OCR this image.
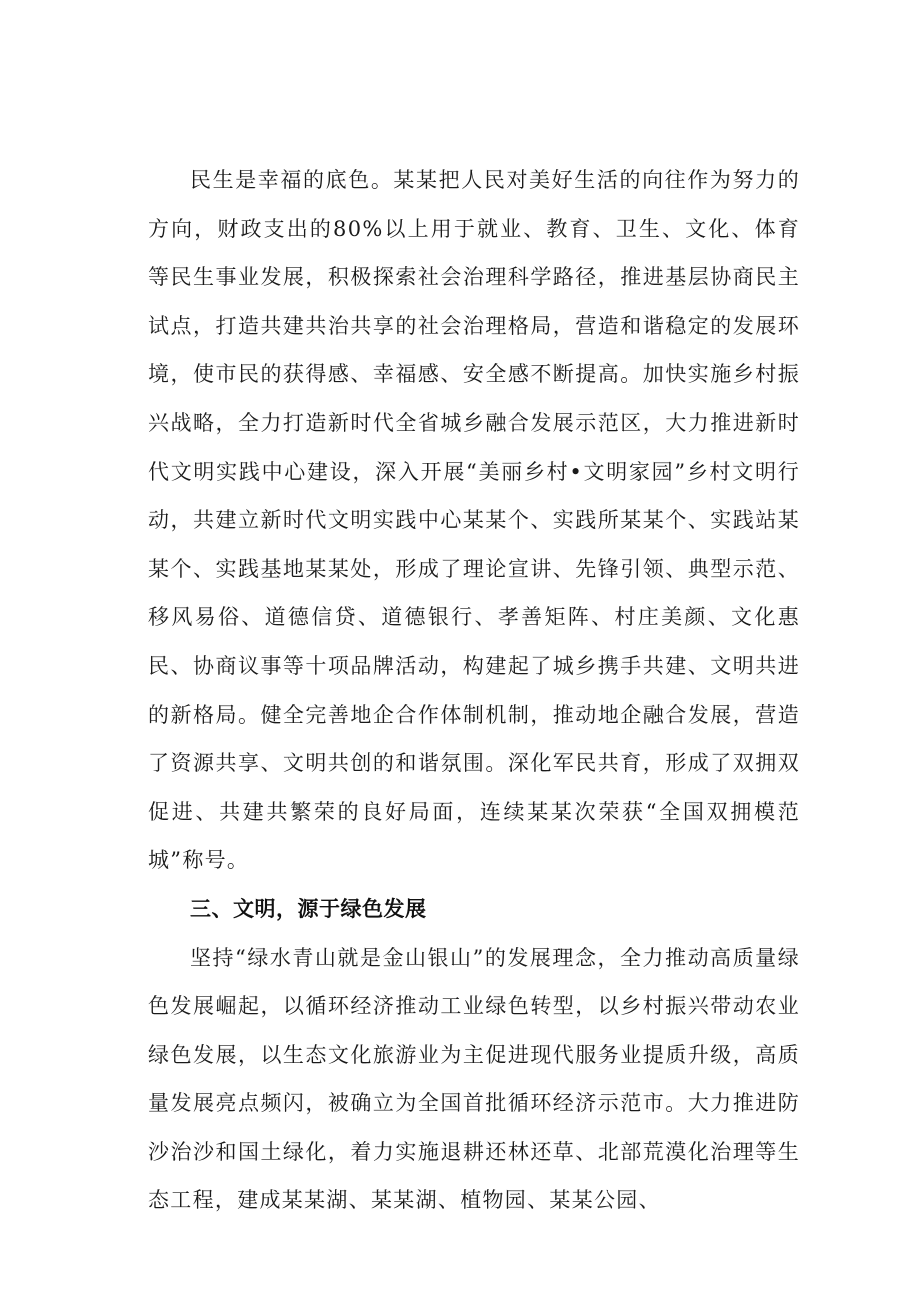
民生是幸福的底色。某某把人民对美好生活的向往作为努力的方向，财政支出的80%以上用于就业、教育、卫生、文化、体育等民生事业发展，积极探索社会治理科学路径，推进基层协商民主试点，打造共建共治共享的社会治理格局，营造和谐稳定的发展环境，使市民的获得感、幸福感、安全感不断提高。加快实施乡村振兴战略，全力打造新时代全省城乡融合发展示范区，大力推进新时代文明实践中心建设，深入开展“美丽乡村•文明家园”乡村文明行动，共建立新时代文明实践中心某某个、实践所某某个、实践站某某个、实践基地某某处，形成了理论宣讲、先锋引领、典型示范、移风易俗、道德信贷、道德银行、孝善矩阵、村庄美颜、文化惠民、协商议事等十项品牌活动，构建起了城乡携手共建、文明共进的新格局。健全完善地企合作体制机制，推动地企融合发展，营造了资源共享、文明共创的和谐氛围。深化军民共育，形成了双拥双促进、共建共繁荣的良好局面，连续某某次荣获“全国双拥模范城”称号。

三、文明，源于绿色发展

坚持“绿水青山就是金山银山”的发展理念，全力推动高质量绿色发展崛起，以循环经济推动工业绿色转型，以乡村振兴带动农业绿色发展，以生态文化旅游业为主促进现代服务业提质升级，高质量发展亮点频闪，被确立为全国首批循环经济示范市。大力推进防沙治沙和国土绿化，着力实施退耕还林还草、北部荒漠化治理等生态工程，建成某某湖、某某湖、植物园、某某公园、
